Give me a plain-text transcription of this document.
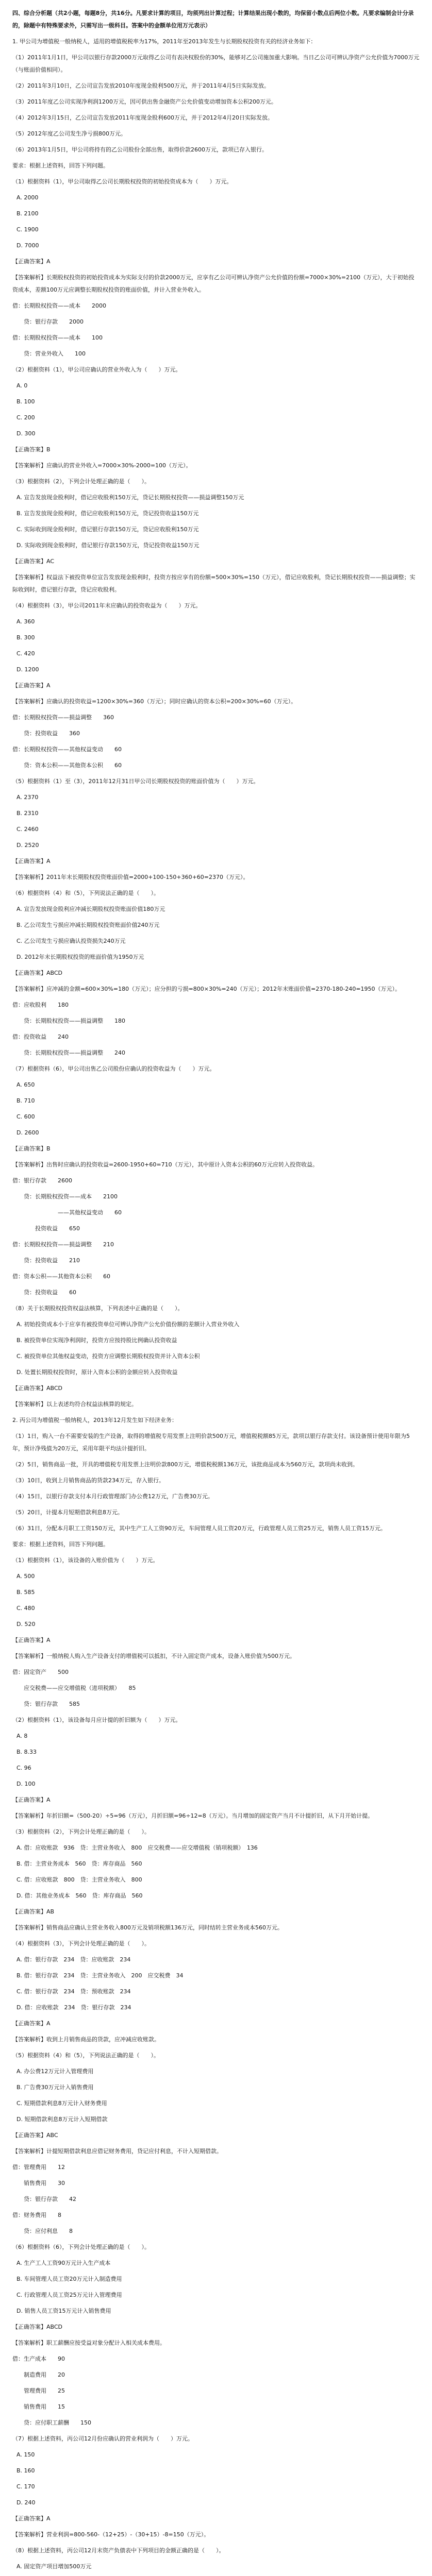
四、综合分析题（共2小题，每题8分，共16分。凡要求计算的项目，均须列出计算过程；计算结果出现小数的，均保留小数点后两位小数。凡要求编制会计分录的，除题中有特殊要求外，只需写出一级科目。答案中的金额单位用万元表示）
1. 甲公司为增值税一般纳税人，适用的增值税税率为17%，2011年至2013年发生与长期股权投资有关的经济业务如下：
（1）2011年1月1日，甲公司以银行存款2000万元取得乙公司有表决权股份的30%，能够对乙公司施加重大影响。当日乙公司可辨认净资产公允价值为7000万元（与账面价值相同）。
（2）2011年3月10日，乙公司宣告发放2010年度现金股利500万元，并于2011年4月5日实际发放。
（3）2011年度乙公司实现净利润1200万元，因可供出售金融资产公允价值变动增加资本公积200万元。
（4）2012年3月15日，乙公司宣告发放2011年度现金股利600万元，并于2012年4月20日实际发放。
（5）2012年度乙公司发生净亏损800万元。
（6）2013年1月5日，甲公司将持有的乙公司股份全部出售，取得价款2600万元，款项已存入银行。
要求：根据上述资料，回答下列问题。
（1）根据资料（1），甲公司取得乙公司长期股权投资的初始投资成本为（　　）万元。
A. 2000
B. 2100
C. 1900
D. 7000
【正确答案】A
【答案解析】长期股权投资的初始投资成本为实际支付的价款2000万元，应享有乙公司可辨认净资产公允价值的份额=7000×30%=2100（万元），大于初始投资成本，差额100万元应调整长期股权投资的账面价值，并计入营业外收入。
借：长期股权投资——成本　　2000
　　贷：银行存款　　2000
借：长期股权投资——成本　　100
　　贷：营业外收入　　100
（2）根据资料（1），甲公司应确认的营业外收入为（　　）万元。
A. 0
B. 100
C. 200
D. 300
【正确答案】B
【答案解析】应确认的营业外收入=7000×30%-2000=100（万元）。
（3）根据资料（2），下列会计处理正确的是（　　）。
A. 宣告发放现金股利时，借记应收股利150万元，贷记长期股权投资——损益调整150万元
B. 宣告发放现金股利时，借记应收股利150万元，贷记投资收益150万元
C. 实际收到现金股利时，借记银行存款150万元，贷记应收股利150万元
D. 实际收到现金股利时，借记银行存款150万元，贷记投资收益150万元
【正确答案】AC
【答案解析】权益法下被投资单位宣告发放现金股利时，投资方按应享有的份额=500×30%=150（万元），借记应收股利，贷记长期股权投资——损益调整；实际收到时，借记银行存款，贷记应收股利。
（4）根据资料（3），甲公司2011年末应确认的投资收益为（　　）万元。
A. 360
B. 300
C. 420
D. 1200
【正确答案】A
【答案解析】应确认的投资收益=1200×30%=360（万元）；同时应确认的资本公积=200×30%=60（万元）。
借：长期股权投资——损益调整　　360
　　贷：投资收益　　360
借：长期股权投资——其他权益变动　　60
　　贷：资本公积——其他资本公积　　60
（5）根据资料（1）至（3），2011年12月31日甲公司长期股权投资的账面价值为（　　）万元。
A. 2370
B. 2310
C. 2460
D. 2520
【正确答案】A
【答案解析】2011年末长期股权投资账面价值=2000+100-150+360+60=2370（万元）。
（6）根据资料（4）和（5），下列说法正确的是（　　）。
A. 宣告发放现金股利应冲减长期股权投资账面价值180万元
B. 乙公司发生亏损应冲减长期股权投资账面价值240万元
C. 乙公司发生亏损应确认投资损失240万元
D. 2012年末长期股权投资的账面价值为1950万元
【正确答案】ABCD
【答案解析】应冲减的金额=600×30%=180（万元）；应分担的亏损=800×30%=240（万元）；2012年末账面价值=2370-180-240=1950（万元）。
借：应收股利　　180
　　贷：长期股权投资——损益调整　　180
借：投资收益　　240
　　贷：长期股权投资——损益调整　　240
（7）根据资料（6），甲公司出售乙公司股份应确认的投资收益为（　　）万元。
A. 650
B. 710
C. 600
D. 2600
【正确答案】B
【答案解析】出售时应确认的投资收益=2600-1950+60=710（万元），其中原计入资本公积的60万元应转入投资收益。
借：银行存款　　2600
　　贷：长期股权投资——成本　　2100
　　　　　　　　——其他权益变动　　60
　　　　投资收益　　650
借：长期股权投资——损益调整　　210
　　贷：投资收益　　210
借：资本公积——其他资本公积　　60
　　贷：投资收益　　60
（8）关于长期股权投资权益法核算，下列表述中正确的是（　　）。
A. 初始投资成本小于应享有被投资单位可辨认净资产公允价值份额的差额计入营业外收入
B. 被投资单位实现净利润时，投资方应按持股比例确认投资收益
C. 被投资单位其他权益变动，投资方应调整长期股权投资并计入资本公积
D. 处置长期股权投资时，原计入资本公积的金额应转入投资收益
【正确答案】ABCD
【答案解析】以上表述均符合权益法核算的规定。
2. 丙公司为增值税一般纳税人，2013年12月发生如下经济业务：
（1）1日，购入一台不需要安装的生产设备，取得的增值税专用发票上注明价款500万元，增值税税额85万元，款项以银行存款支付。该设备预计使用年限为5年，预计净残值为20万元，采用年限平均法计提折旧。
（2）5日，销售商品一批，开具的增值税专用发票上注明价款800万元，增值税税额136万元，该批商品成本为560万元，款项尚未收到。
（3）10日，收到上月销售商品的货款234万元，存入银行。
（4）15日，以银行存款支付本月行政管理部门办公费12万元，广告费30万元。
（5）20日，计提本月短期借款利息8万元。
（6）31日，分配本月职工工资150万元，其中生产工人工资90万元，车间管理人员工资20万元，行政管理人员工资25万元，销售人员工资15万元。
要求：根据上述资料，回答下列问题。
（1）根据资料（1），该设备的入账价值为（　　）万元。
A. 500
B. 585
C. 480
D. 520
【正确答案】A
【答案解析】一般纳税人购入生产设备支付的增值税可以抵扣，不计入固定资产成本，设备入账价值为500万元。
借：固定资产　　500
　　应交税费——应交增值税（进项税额）　　85
　　贷：银行存款　　585
（2）根据资料（1），该设备每月应计提的折旧额为（　　）万元。
A. 8
B. 8.33
C. 96
D. 100
【正确答案】A
【答案解析】年折旧额=（500-20）÷5=96（万元），月折旧额=96÷12=8（万元）。当月增加的固定资产当月不计提折旧，从下月开始计提。
（3）根据资料（2），下列会计处理正确的是（　　）。
A. 借：应收账款　936　贷：主营业务收入　800　应交税费——应交增值税（销项税额）　136
B. 借：主营业务成本　560　贷：库存商品　560
C. 借：应收账款　800　贷：主营业务收入　800
D. 借：其他业务成本　560　贷：库存商品　560
【正确答案】AB
【答案解析】销售商品应确认主营业务收入800万元及销项税额136万元，同时结转主营业务成本560万元。
（4）根据资料（3），下列会计处理正确的是（　　）。
A. 借：银行存款　234　贷：应收账款　234
B. 借：银行存款　234　贷：主营业务收入　200　应交税费　34
C. 借：银行存款　234　贷：预收账款　234
D. 借：应收账款　234　贷：银行存款　234
【正确答案】A
【答案解析】收到上月销售商品的货款，应冲减应收账款。
（5）根据资料（4）和（5），下列说法正确的是（　　）。
A. 办公费12万元计入管理费用
B. 广告费30万元计入销售费用
C. 短期借款利息8万元计入财务费用
D. 短期借款利息8万元计入短期借款
【正确答案】ABC
【答案解析】计提短期借款利息应借记财务费用，贷记应付利息，不计入短期借款。
借：管理费用　　12
　　销售费用　　30
　　贷：银行存款　　42
借：财务费用　　8
　　贷：应付利息　　8
（6）根据资料（6），下列会计处理正确的是（　　）。
A. 生产工人工资90万元计入生产成本
B. 车间管理人员工资20万元计入制造费用
C. 行政管理人员工资25万元计入管理费用
D. 销售人员工资15万元计入销售费用
【正确答案】ABCD
【答案解析】职工薪酬应按受益对象分配计入相关成本费用。
借：生产成本　　90
　　制造费用　　20
　　管理费用　　25
　　销售费用　　15
　　贷：应付职工薪酬　　150
（7）根据上述资料，丙公司12月份应确认的营业利润为（　　）万元。
A. 150
B. 160
C. 170
D. 240
【正确答案】A
【答案解析】营业利润=800-560-（12+25）-（30+15）-8=150（万元）。
（8）根据上述资料，丙公司12月末资产负债表中下列项目的金额正确的是（　　）。
A. 固定资产项目增加500万元
